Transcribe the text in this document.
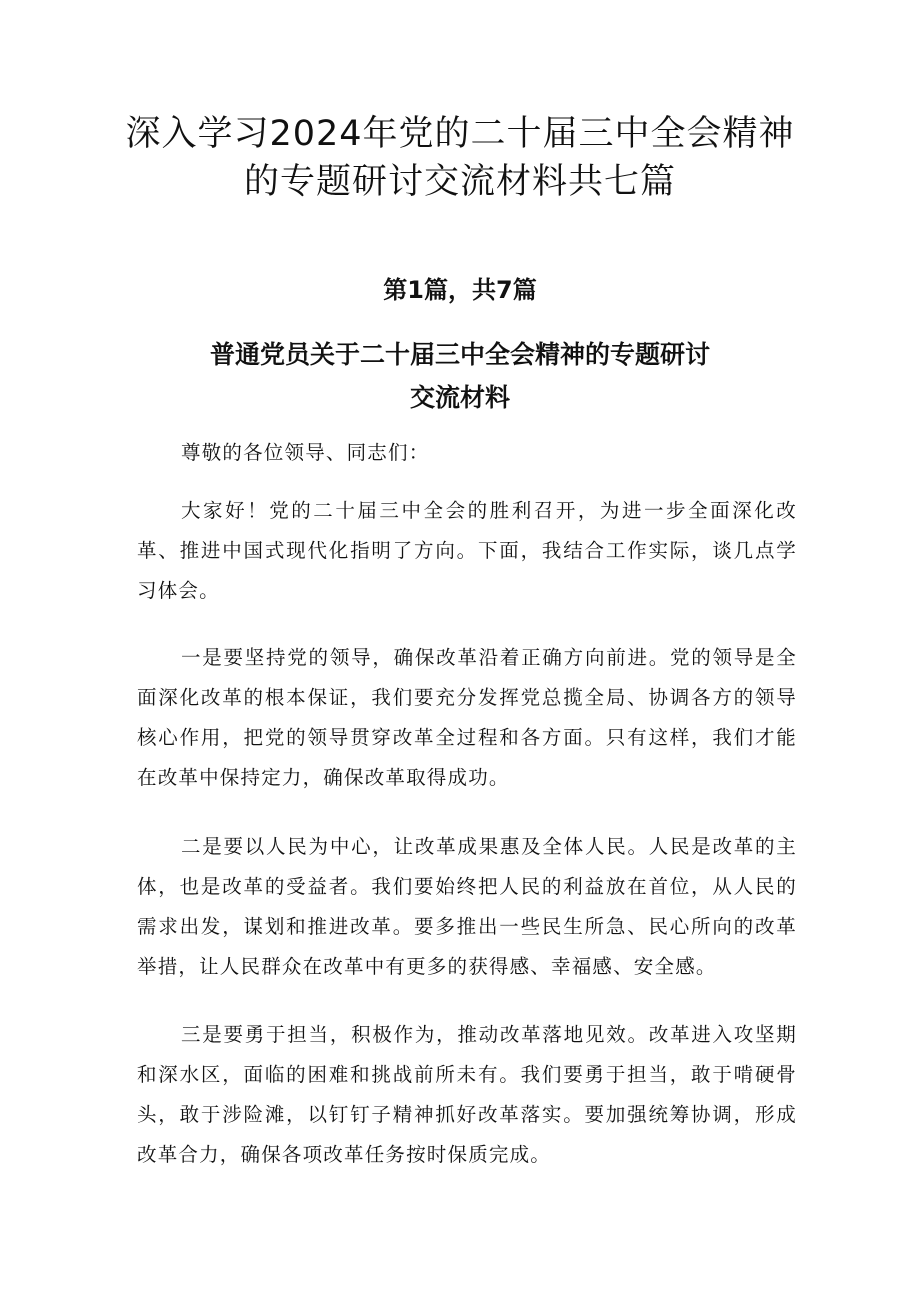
深入学习2024年党的二十届三中全会精神
的专题研讨交流材料共七篇
第1篇，共7篇
普通党员关于二十届三中全会精神的专题研讨
交流材料

尊敬的各位领导、同志们：

大家好！党的二十届三中全会的胜利召开，为进一步全面深化改革、推进中国式现代化指明了方向。下面，我结合工作实际，谈几点学习体会。

一是要坚持党的领导，确保改革沿着正确方向前进。党的领导是全面深化改革的根本保证，我们要充分发挥党总揽全局、协调各方的领导核心作用，把党的领导贯穿改革全过程和各方面。只有这样，我们才能在改革中保持定力，确保改革取得成功。

二是要以人民为中心，让改革成果惠及全体人民。人民是改革的主体，也是改革的受益者。我们要始终把人民的利益放在首位，从人民的需求出发，谋划和推进改革。要多推出一些民生所急、民心所向的改革举措，让人民群众在改革中有更多的获得感、幸福感、安全感。

三是要勇于担当，积极作为，推动改革落地见效。改革进入攻坚期和深水区，面临的困难和挑战前所未有。我们要勇于担当，敢于啃硬骨头，敢于涉险滩，以钉钉子精神抓好改革落实。要加强统筹协调，形成改革合力，确保各项改革任务按时保质完成。
